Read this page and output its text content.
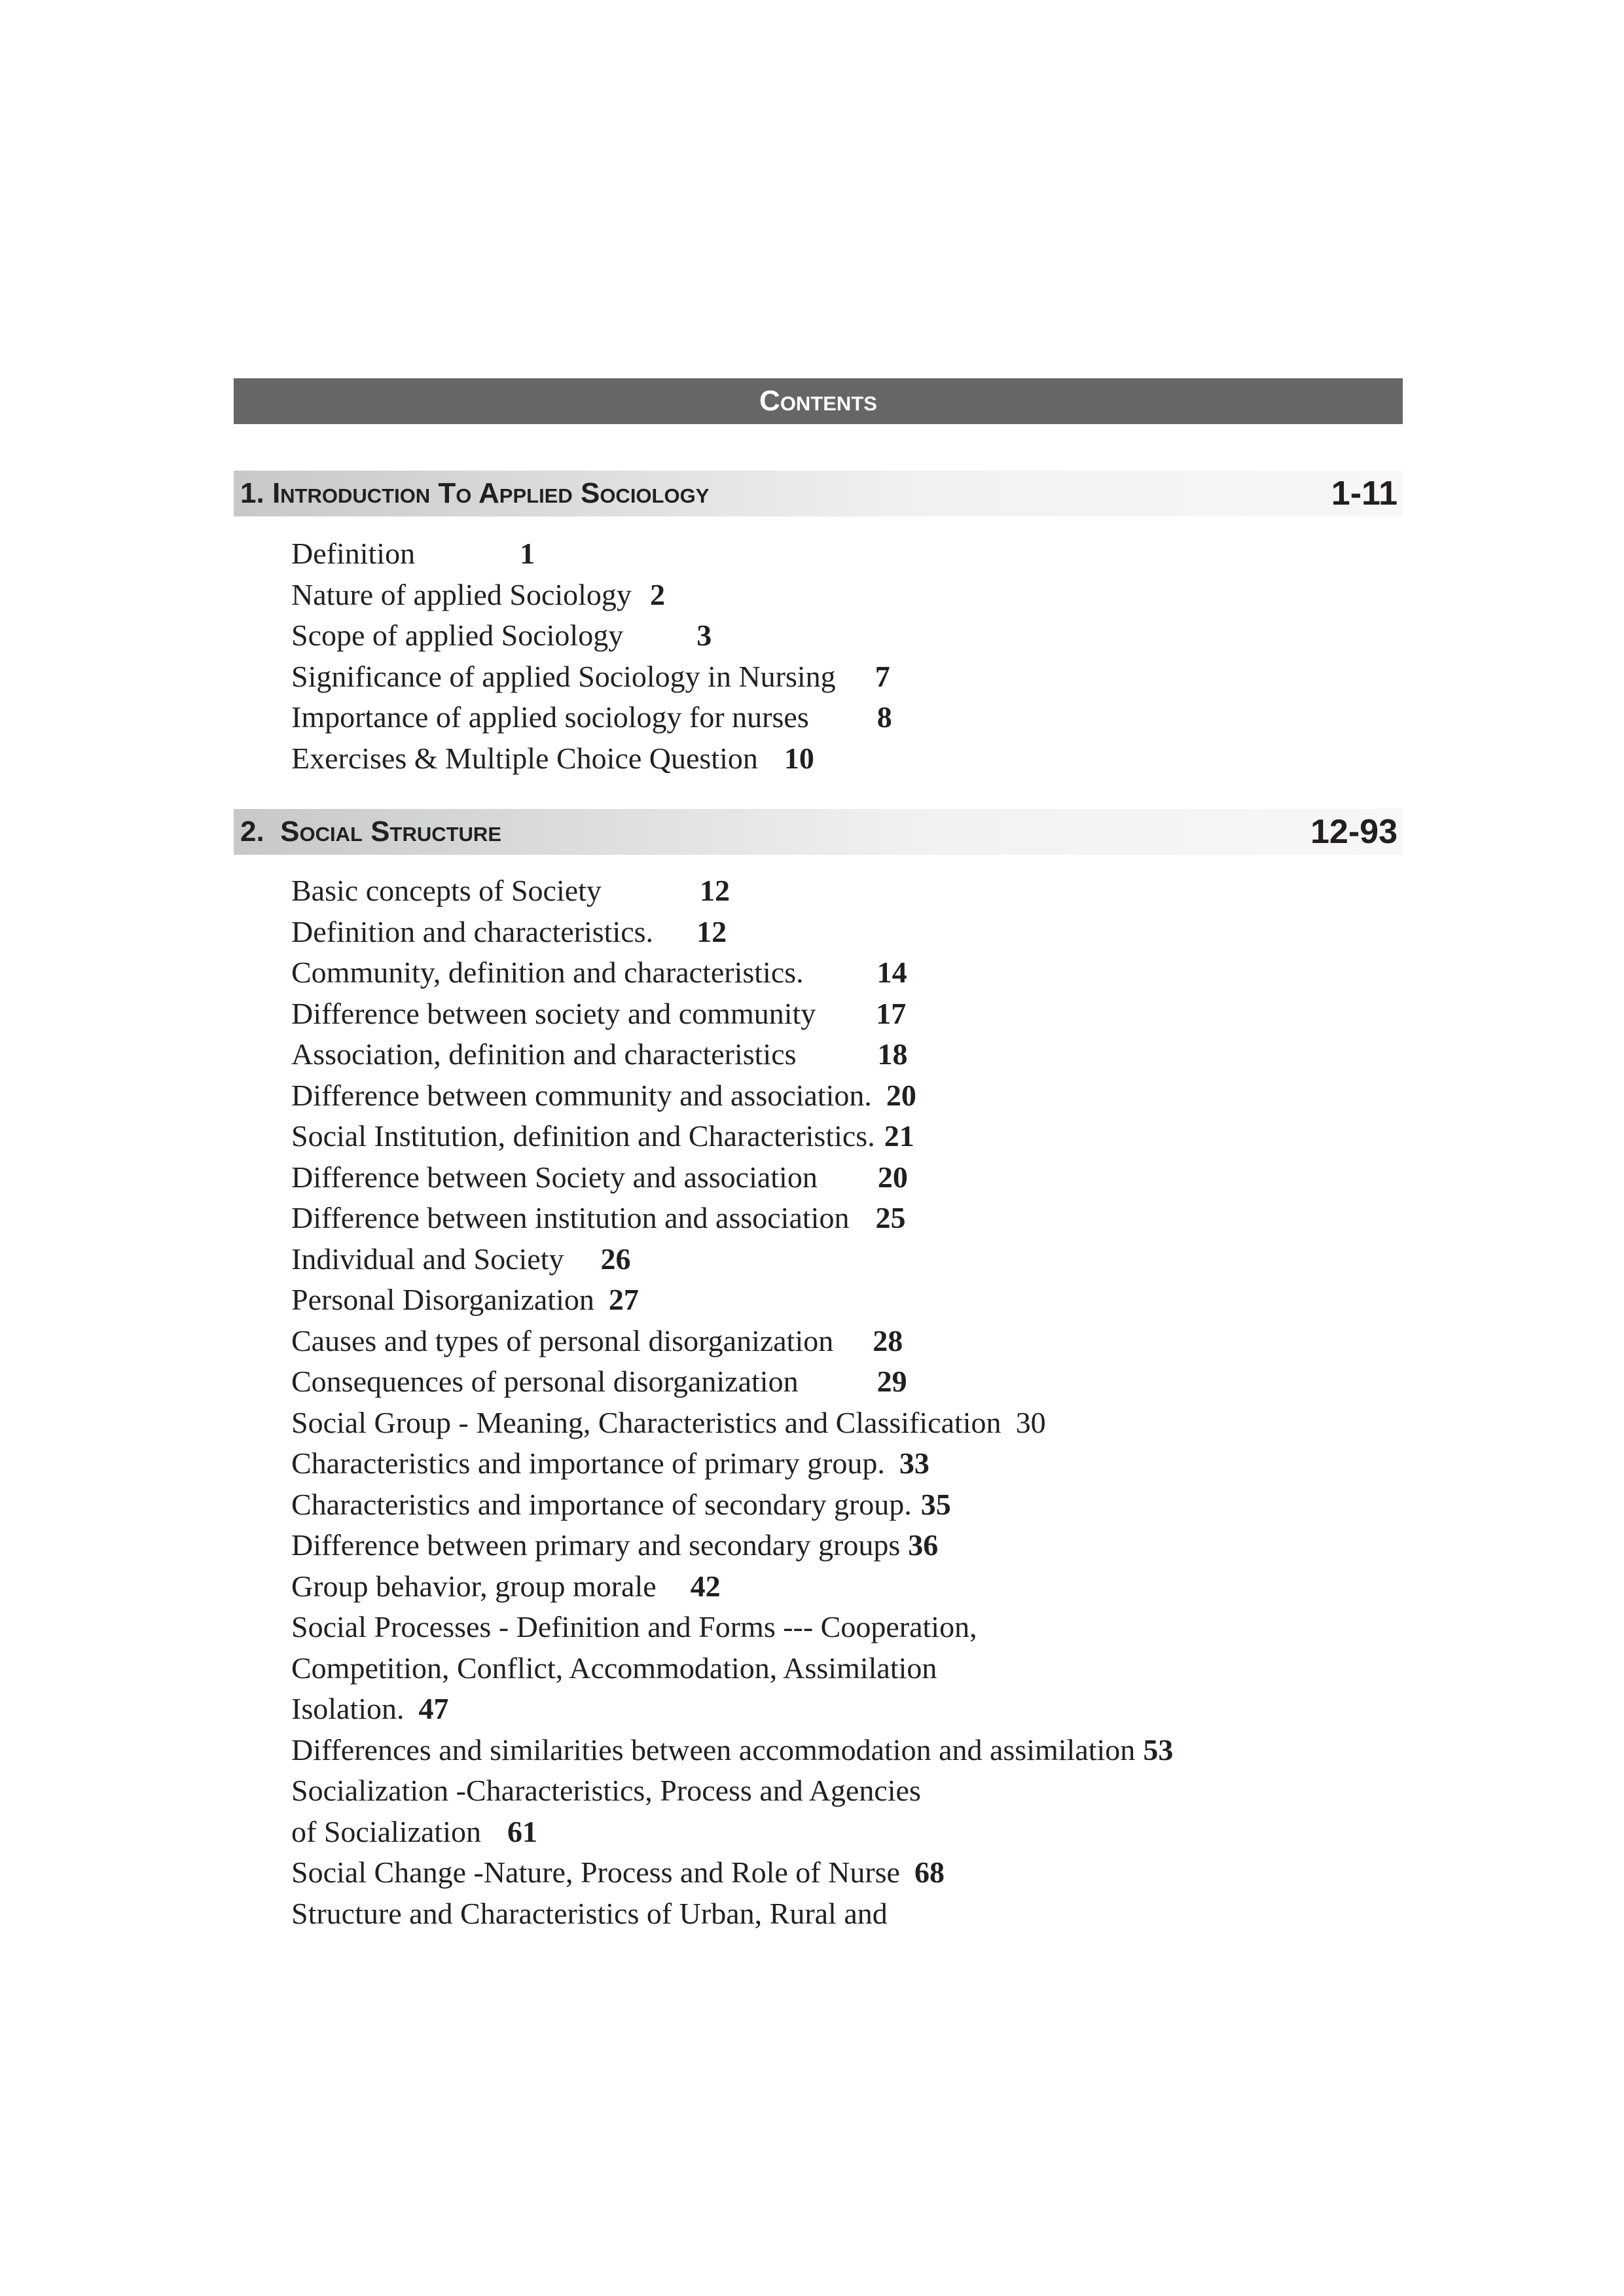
Contents
1. Introduction To Applied Sociology	1-11
Definition	1
Nature of applied Sociology 2
Scope of applied Sociology 3
Significance of applied Sociology in Nursing 7
Importance of applied sociology for nurses 8
Exercises & Multiple Choice Question 10
2. Social Structure	12-93
Basic concepts of Society	12
Definition and characteristics. 12
Community, definition and characteristics. 14
Difference between society and community 17
Association, definition and characteristics	18
Difference between community and association. 20
Social Institution, definition and Characteristics. 21
Difference between Society and association 20
Difference between institution and association 25
Individual and Society 26
Personal Disorganization 27
Causes and types of personal disorganization 28
Consequences of personal disorganization	29
Social Group - Meaning, Characteristics and Classification 30
Characteristics and importance of primary group. 33
Characteristics and importance of secondary group. 35
Difference between primary and secondary groups 36
Group behavior, group morale 42
Social Processes - Definition and Forms --- Cooperation,
Competition, Conflict, Accommodation, Assimilation
Isolation. 47
Differences and similarities between accommodation and assimilation 53
Socialization -Characteristics, Process and Agencies
of Socialization 61
Social Change -Nature, Process and Role of Nurse 68
Structure and Characteristics of Urban, Rural and
